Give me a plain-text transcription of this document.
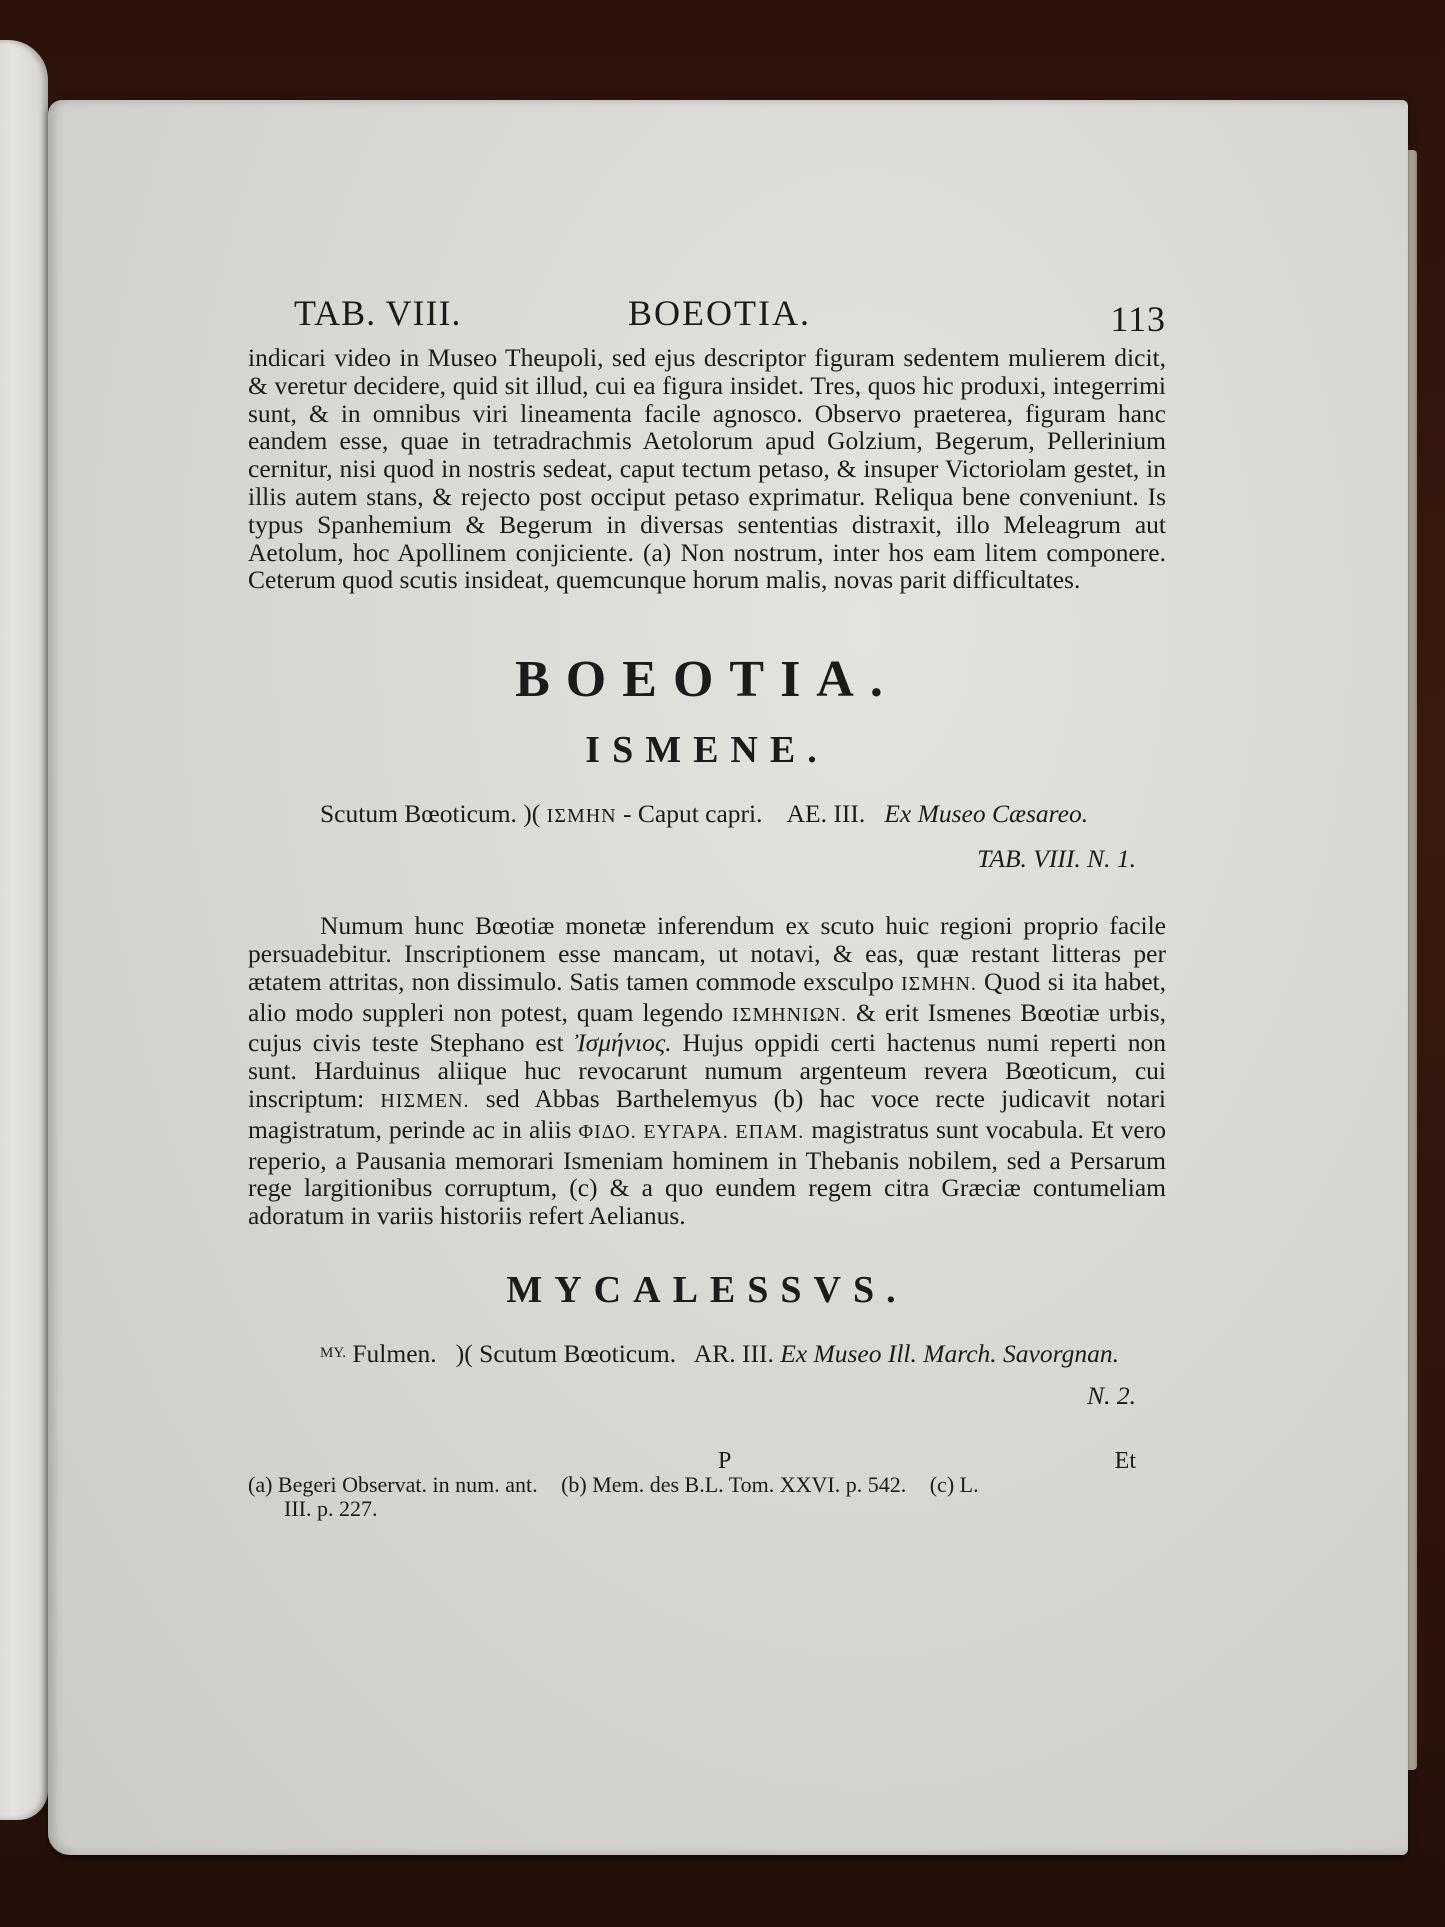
TAB. VIII.	BOEOTIA.	113

indicari video in Museo Theupoli, sed ejus descriptor figuram sedentem mulierem dicit, & veretur decidere, quid sit illud, cui ea figura insidet. Tres, quos hic produxi, integerrimi sunt, & in omnibus viri lineamenta facile agnosco. Observo praeterea, figuram hanc eandem esse, quae in tetradrachmis Aetolorum apud Golzium, Begerum, Pellerinium cernitur, nisi quod in nostris sedeat, caput tectum petaso, & insuper Victoriolam gestet, in illis autem stans, & rejecto post occiput petaso exprimatur. Reliqua bene conveniunt. Is typus Spanhemium & Begerum in diversas sententias distraxit, illo Meleagrum aut Aetolum, hoc Apollinem conjiciente. (a) Non nostrum, inter hos eam litem componere. Ceterum quod scutis insideat, quemcunque horum malis, novas parit difficultates.

BOEOTIA.
ISMENE.
Scutum Bœoticum. )( ΙΣΜΗΝ - Caput capri. AE. III. Ex Museo Cæsareo.
TAB. VIII. N. 1.

Numum hunc Bœotiæ monetæ inferendum ex scuto huic regioni proprio facile persuadebitur. Inscriptionem esse mancam, ut notavi, & eas, quæ restant litteras per ætatem attritas, non dissimulo. Satis tamen commode exsculpo ΙΣΜΗΝ. Quod si ita habet, alio modo suppleri non potest, quam legendo ΙΣΜΗΝΙΩΝ. & erit Ismenes Bœotiæ urbis, cujus civis teste Stephano est Ἰσμήνιος. Hujus oppidi certi hactenus numi reperti non sunt. Harduinus aliique huc revocarunt numum argenteum revera Bœoticum, cui inscriptum: ΗΙΣΜΕΝ. sed Abbas Barthelemyus (b) hac voce recte judicavit notari magistratum, perinde ac in aliis ΦΙΔΟ. ΕΥΓΑΡΑ. ΕΠΑΜ. magistratus sunt vocabula. Et vero reperio, a Pausania memorari Ismeniam hominem in Thebanis nobilem, sed a Persarum rege largitionibus corruptum, (c) & a quo eundem regem citra Græciæ contumeliam adoratum in variis historiis refert Aelianus.

MYCALESSVS.
MY. Fulmen. )( Scutum Bœoticum. AR. III. Ex Museo Ill. March. Savorgnan.
N. 2.
P	Et
(a) Begeri Observat. in num. ant. (b) Mem. des B.L. Tom. XXVI. p. 542. (c) L.
III. p. 227.
